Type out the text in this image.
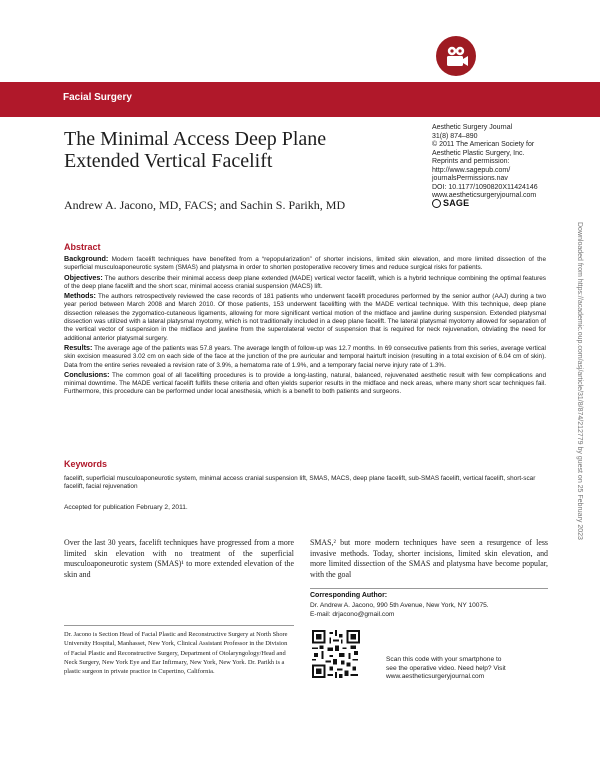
Facial Surgery
The Minimal Access Deep Plane Extended Vertical Facelift
Andrew A. Jacono, MD, FACS; and Sachin S. Parikh, MD
Aesthetic Surgery Journal
31(8) 874–890
© 2011 The American Society for
Aesthetic Plastic Surgery, Inc.
Reprints and permission:
http://www.sagepub.com/
journalsPermissions.nav
DOI: 10.1177/1090820X11424146
www.aestheticsurgeryjournal.com
SAGE
Downloaded from https://academic.oup.com/asj/article/31/8/874/212779 by guest on 25 February 2023
Abstract

Background: Modern facelift techniques have benefited from a “repopularization” of shorter incisions, limited skin elevation, and more limited dissection of the superficial musculoaponeurotic system (SMAS) and platysma in order to shorten postoperative recovery times and reduce surgical risks for patients.

Objectives: The authors describe their minimal access deep plane extended (MADE) vertical vector facelift, which is a hybrid technique combining the optimal features of the deep plane facelift and the short scar, minimal access cranial suspension (MACS) lift.

Methods: The authors retrospectively reviewed the case records of 181 patients who underwent facelift procedures performed by the senior author (AAJ) during a two year period between March 2008 and March 2010. Of those patients, 153 underwent facelifting with the MADE vertical technique. With this technique, deep plane dissection releases the zygomatico-cutaneous ligaments, allowing for more significant vertical motion of the midface and jawline during suspension. Extended platysmal dissection was utilized with a lateral platysmal myotomy, which is not traditionally included in a deep plane facelift. The lateral platysmal myotomy allowed for separation of the vertical vector of suspension in the midface and jawline from the superolateral vector of suspension that is required for neck rejuvenation, obviating the need for additional anterior platysmal surgery.

Results: The average age of the patients was 57.8 years. The average length of follow-up was 12.7 months. In 69 consecutive patients from this series, average vertical skin excision measured 3.02 cm on each side of the face at the junction of the pre auricular and temporal hairtuft incision (resulting in a total excision of 6.04 cm of skin). Data from the entire series revealed a revision rate of 3.9%, a hematoma rate of 1.9%, and a temporary facial nerve injury rate of 1.3%.

Conclusions: The common goal of all facelifting procedures is to provide a long-lasting, natural, balanced, rejuvenated aesthetic result with few complications and minimal downtime. The MADE vertical facelift fulfills these criteria and often yields superior results in the midface and neck areas, where many short scar techniques fail. Furthermore, this procedure can be performed under local anesthesia, which is a benefit to both patients and surgeons.

Keywords
facelift, superficial musculoaponeurotic system, minimal access cranial suspension lift, SMAS, MACS, deep plane facelift, sub-SMAS facelift, vertical facelift, short-scar facelift, facial rejuvenation
Accepted for publication February 2, 2011.
Over the last 30 years, facelift techniques have progressed from a more limited skin elevation with no treatment of the superficial musculoaponeurotic system (SMAS)¹ to more extended elevation of the skin and
SMAS,² but more modern techniques have seen a resurgence of less invasive methods. Today, shorter incisions, limited skin elevation, and more limited dissection of the SMAS and platysma have become popular, with the goal
Corresponding Author:
Dr. Andrew A. Jacono, 990 5th Avenue, New York, NY 10075.
E-mail: drjacono@gmail.com
Dr. Jacono is Section Head of Facial Plastic and Reconstructive Surgery at North Shore University Hospital, Manhasset, New York, Clinical Assistant Professor in the Division of Facial Plastic and Reconstructive Surgery, Department of Otolaryngology/Head and Neck Surgery, New York Eye and Ear Infirmary, New York, New York. Dr. Parikh is a plastic surgeon in private practice in Cupertino, California.
Scan this code with your smartphone to see the operative video. Need help? Visit www.aestheticsurgeryjournal.com
